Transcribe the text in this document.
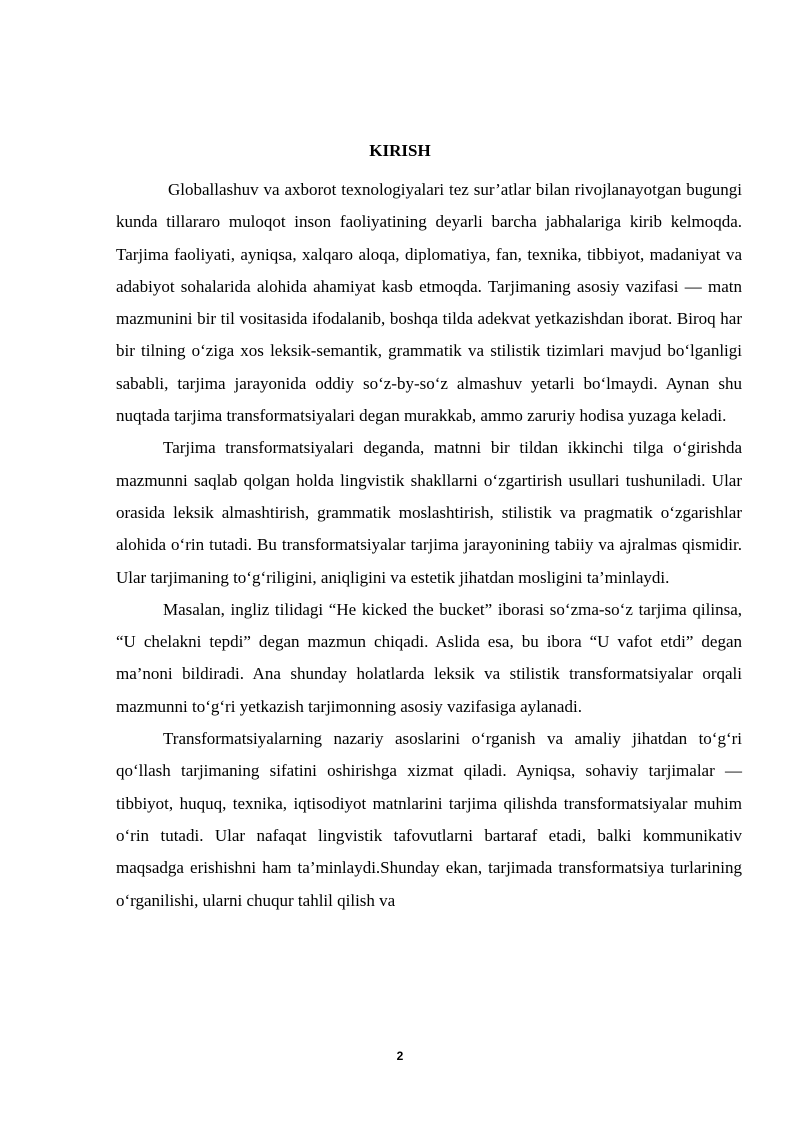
KIRISH

Globallashuv va axborot texnologiyalari tez sur’atlar bilan rivojlanayotgan bugungi kunda tillararo muloqot inson faoliyatining deyarli barcha jabhalariga kirib kelmoqda. Tarjima faoliyati, ayniqsa, xalqaro aloqa, diplomatiya, fan, texnika, tibbiyot, madaniyat va adabiyot sohalarida alohida ahamiyat kasb etmoqda. Tarjimaning asosiy vazifasi — matn mazmunini bir til vositasida ifodalanib, boshqa tilda adekvat yetkazishdan iborat. Biroq har bir tilning o‘ziga xos leksik-semantik, grammatik va stilistik tizimlari mavjud bo‘lganligi sababli, tarjima jarayonida oddiy so‘z-by-so‘z almashuv yetarli bo‘lmaydi. Aynan shu nuqtada tarjima transformatsiyalari degan murakkab, ammo zaruriy hodisa yuzaga keladi.

Tarjima transformatsiyalari deganda, matnni bir tildan ikkinchi tilga o‘girishda mazmunni saqlab qolgan holda lingvistik shakllarni o‘zgartirish usullari tushuniladi. Ular orasida leksik almashtirish, grammatik moslashtirish, stilistik va pragmatik o‘zgarishlar alohida o‘rin tutadi. Bu transformatsiyalar tarjima jarayonining tabiiy va ajralmas qismidir. Ular tarjimaning to‘g‘riligini, aniqligini va estetik jihatdan mosligini ta’minlaydi.

Masalan, ingliz tilidagi “He kicked the bucket” iborasi so‘zma-so‘z tarjima qilinsa, “U chelakni tepdi” degan mazmun chiqadi. Aslida esa, bu ibora “U vafot etdi” degan ma’noni bildiradi. Ana shunday holatlarda leksik va stilistik transformatsiyalar orqali mazmunni to‘g‘ri yetkazish tarjimonning asosiy vazifasiga aylanadi.

Transformatsiyalarning nazariy asoslarini o‘rganish va amaliy jihatdan to‘g‘ri qo‘llash tarjimaning sifatini oshirishga xizmat qiladi. Ayniqsa, sohaviy tarjimalar — tibbiyot, huquq, texnika, iqtisodiyot matnlarini tarjima qilishda transformatsiyalar muhim o‘rin tutadi. Ular nafaqat lingvistik tafovutlarni bartaraf etadi, balki kommunikativ maqsadga erishishni ham ta’minlaydi.Shunday ekan, tarjimada transformatsiya turlarining o‘rganilishi, ularni chuqur tahlil qilish va

2
